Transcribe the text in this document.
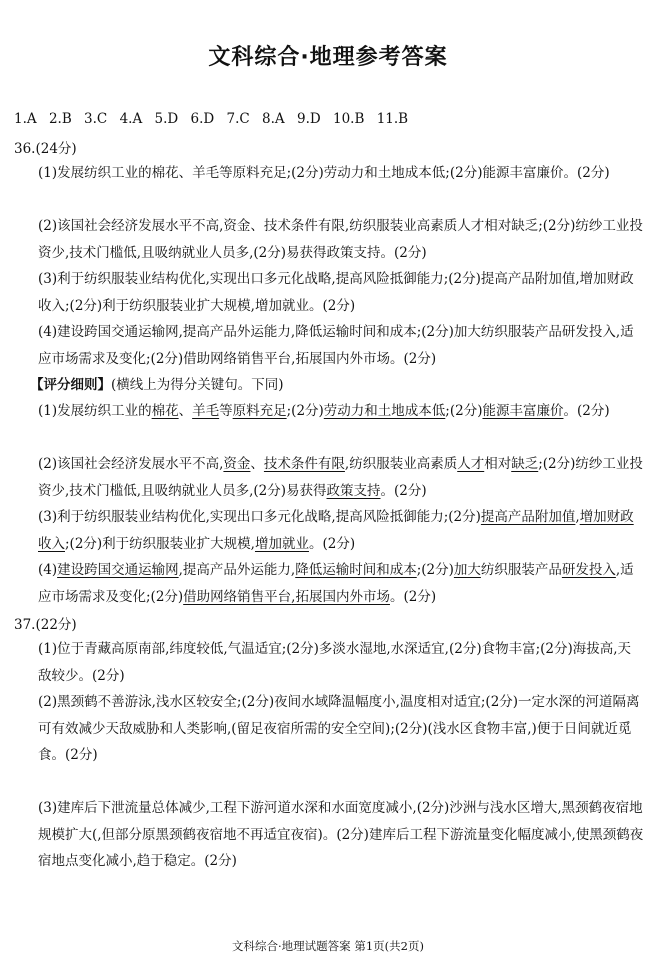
文科综合·地理参考答案
1.A 2.B 3.C 4.A 5.D 6.D 7.C 8.A 9.D 10.B 11.B
36.(24分)
(1)发展纺织工业的棉花、羊毛等原料充足;(2分)劳动力和土地成本低;(2分)能源丰富廉价。(2分)
(2)该国社会经济发展水平不高,资金、技术条件有限,纺织服装业高素质人才相对缺乏;(2分)纺纱工业投资少,技术门槛低,且吸纳就业人员多,(2分)易获得政策支持。(2分)
(3)利于纺织服装业结构优化,实现出口多元化战略,提高风险抵御能力;(2分)提高产品附加值,增加财政收入;(2分)利于纺织服装业扩大规模,增加就业。(2分)
(4)建设跨国交通运输网,提高产品外运能力,降低运输时间和成本;(2分)加大纺织服装产品研发投入,适应市场需求及变化;(2分)借助网络销售平台,拓展国内外市场。(2分)
【评分细则】(横线上为得分关键句。下同)
(1)发展纺织工业的棉花、羊毛等原料充足;(2分)劳动力和土地成本低;(2分)能源丰富廉价。(2分)
(2)该国社会经济发展水平不高,资金、技术条件有限,纺织服装业高素质人才相对缺乏;(2分)纺纱工业投资少,技术门槛低,且吸纳就业人员多,(2分)易获得政策支持。(2分)
(3)利于纺织服装业结构优化,实现出口多元化战略,提高风险抵御能力;(2分)提高产品附加值,增加财政收入;(2分)利于纺织服装业扩大规模,增加就业。(2分)
(4)建设跨国交通运输网,提高产品外运能力,降低运输时间和成本;(2分)加大纺织服装产品研发投入,适应市场需求及变化;(2分)借助网络销售平台,拓展国内外市场。(2分)
37.(22分)
(1)位于青藏高原南部,纬度较低,气温适宜;(2分)多淡水湿地,水深适宜,(2分)食物丰富;(2分)海拔高,天敌较少。(2分)
(2)黑颈鹤不善游泳,浅水区较安全;(2分)夜间水域降温幅度小,温度相对适宜;(2分)一定水深的河道隔离可有效减少天敌威胁和人类影响,(留足夜宿所需的安全空间);(2分)(浅水区食物丰富,)便于日间就近觅食。(2分)
(3)建库后下泄流量总体减少,工程下游河道水深和水面宽度减小,(2分)沙洲与浅水区增大,黑颈鹤夜宿地规模扩大(,但部分原黑颈鹤夜宿地不再适宜夜宿)。(2分)建库后工程下游流量变化幅度减小,使黑颈鹤夜宿地点变化减小,趋于稳定。(2分)
文科综合·地理试题答案 第1页(共2页)
